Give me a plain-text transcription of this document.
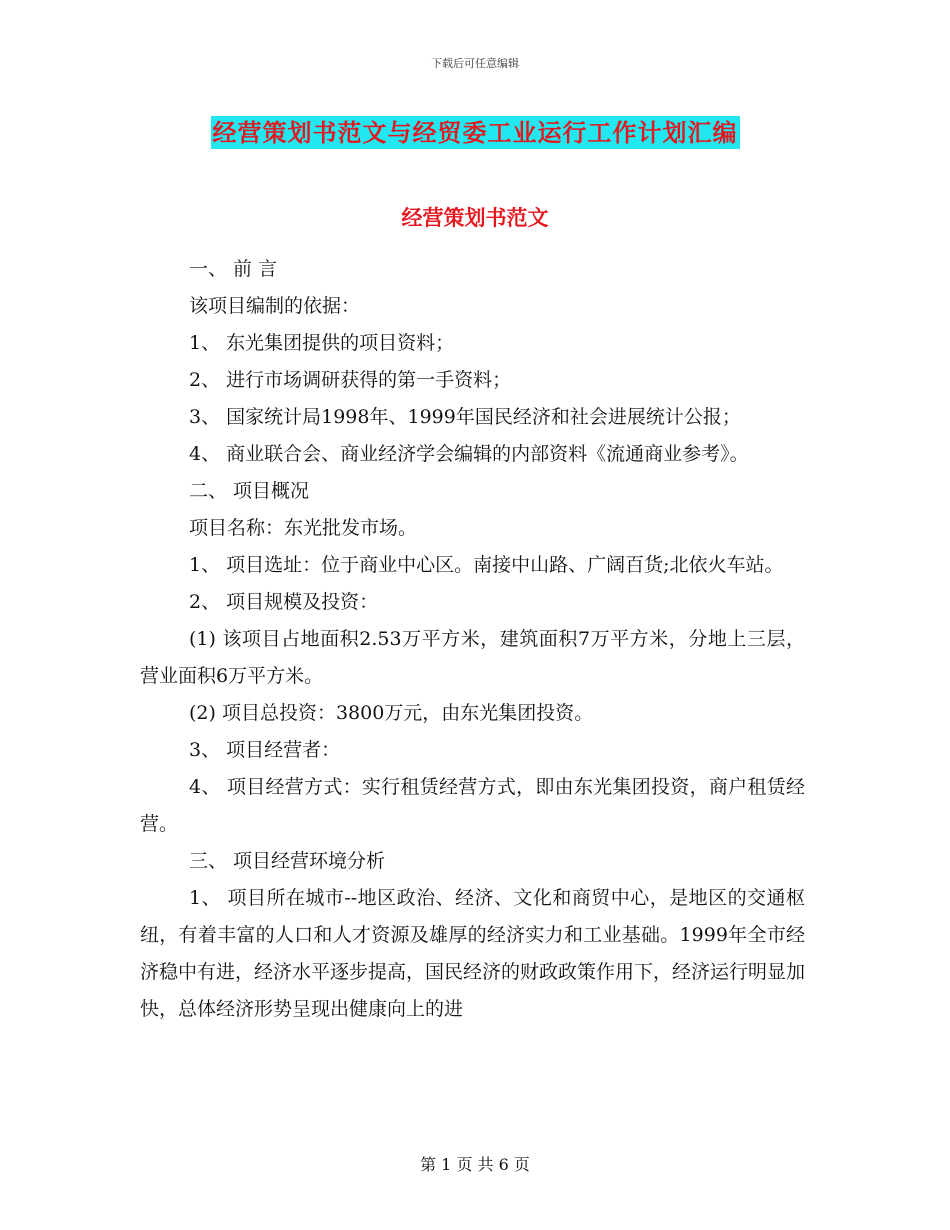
下载后可任意编辑
经营策划书范文与经贸委工业运行工作计划汇编
经营策划书范文

一、 前 言

该项目编制的依据：

1、 东光集团提供的项目资料；

2、 进行市场调研获得的第一手资料；

3、 国家统计局1998年、1999年国民经济和社会进展统计公报；

4、 商业联合会、商业经济学会编辑的内部资料《流通商业参考》。

二、 项目概况

项目名称：东光批发市场。

1、 项目选址：位于商业中心区。南接中山路、广阔百货;北依火车站。

2、 项目规模及投资：

(1) 该项目占地面积2.53万平方米，建筑面积7万平方米，分地上三层，营业面积6万平方米。

(2) 项目总投资：3800万元，由东光集团投资。

3、 项目经营者：

4、 项目经营方式：实行租赁经营方式，即由东光集团投资，商户租赁经营。

三、 项目经营环境分析

1、 项目所在城市--地区政治、经济、文化和商贸中心，是地区的交通枢纽，有着丰富的人口和人才资源及雄厚的经济实力和工业基础。1999年全市经济稳中有进，经济水平逐步提高，国民经济的财政政策作用下，经济运行明显加快，总体经济形势呈现出健康向上的进

第 1 页 共 6 页
